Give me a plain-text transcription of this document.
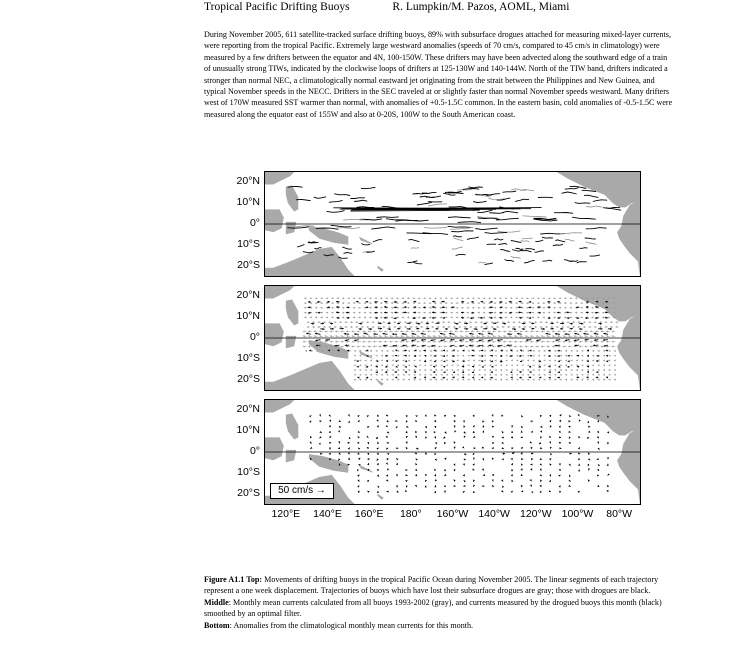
Tropical Pacific Drifting Buoys	R. Lumpkin/M. Pazos, AOML, Miami

During November 2005, 611 satellite-tracked surface drifting buoys, 89% with subsurface drogues attached for measuring mixed-layer currents, were reporting from the tropical Pacific. Extremely large westward anomalies (speeds of 70 cm/s, compared to 45 cm/s in climatology) were measured by a few drifters between the equator and 4N, 100-150W. These drifters may have been advected along the southward edge of a train of unusually strong TIWs, indicated by the clockwise loops of drifters at 125-130W and 140-144W. North of the TIW band, drifters indicated a stronger than normal NEC, a climatologically normal eastward jet originating from the strait between the Philippines and New Guinea, and typical November speeds in the NECC. Drifters in the SEC traveled at or slightly faster than normal November speeds westward. Many drifters west of 170W measured SST warmer than normal, with anomalies of +0.5-1.5C common. In the eastern basin, cold anomalies of -0.5-1.5C were measured along the equator east of 155W and also at 0-20S, 100W to the South American coast.

20°N
10°N
0°
10°S
20°S
20°N
10°N
0°
10°S
20°S
20°N
10°N
0°
10°S
20°S
120°E 140°E 160°E 180° 160°W 140°W 120°W 100°W 80°W
50 cm/s →

Figure A1.1 Top: Movements of drifting buoys in the tropical Pacific Ocean during November 2005. The linear segments of each trajectory represent a one week displacement. Trajectories of buoys which have lost their subsurface drogues are gray; those with drogues are black.

Middle: Monthly mean currents calculated from all buoys 1993-2002 (gray), and currents measured by the drogued buoys this month (black) smoothed by an optimal filter.

Bottom: Anomalies from the climatological monthly mean currents for this month.
